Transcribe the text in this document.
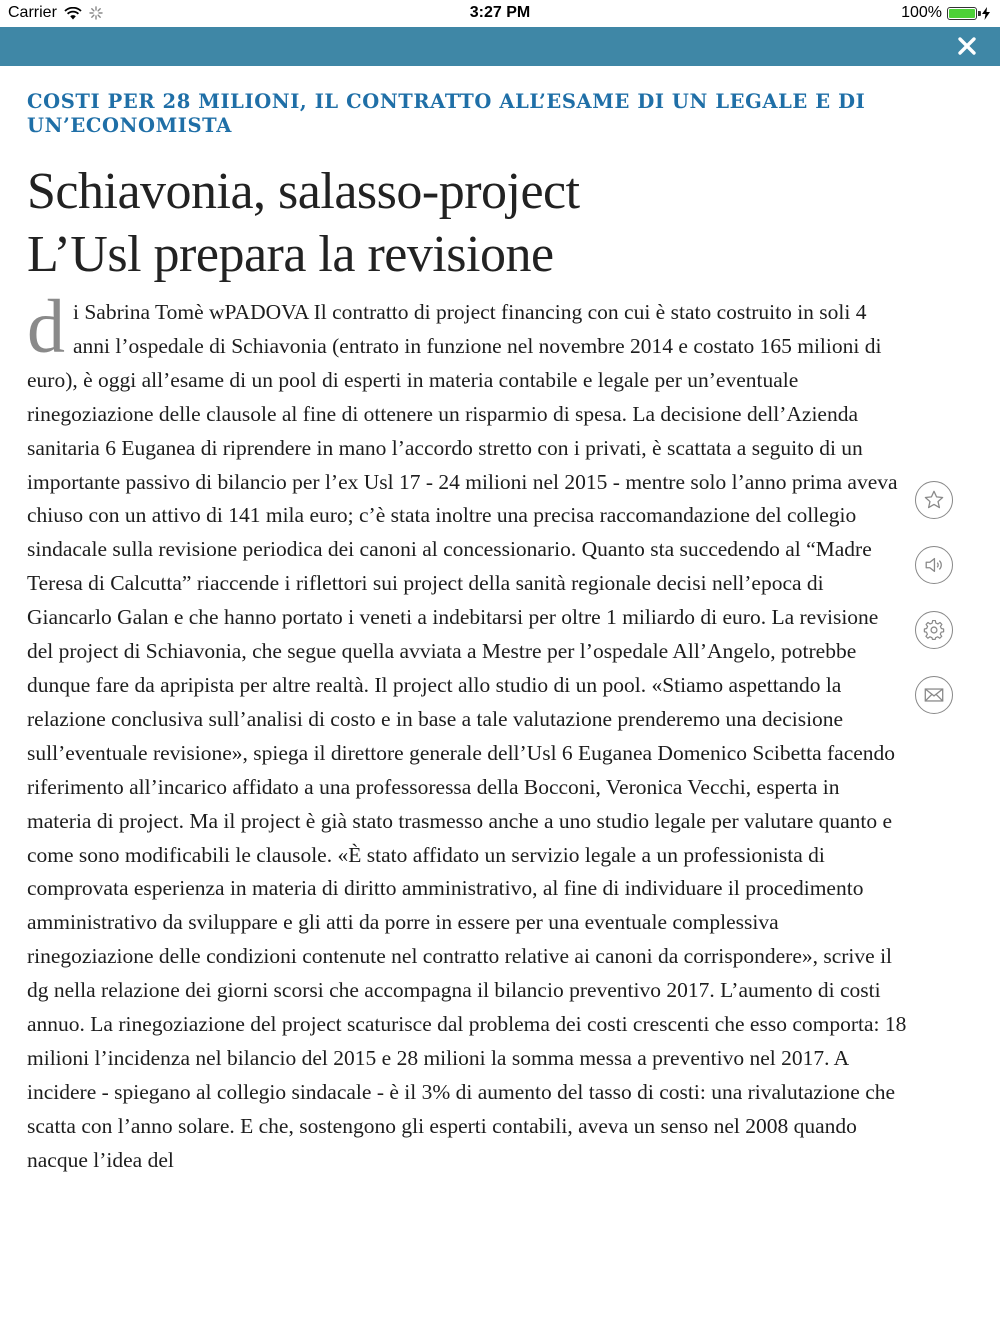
Carrier	3:27 PM	100%
COSTI PER 28 MILIONI, IL CONTRATTO ALL’ESAME DI UN LEGALE E DI UN’ECONOMISTA
Schiavonia, salasso-project
L’Usl prepara la revisione
di Sabrina Tomè wPADOVA Il contratto di project financing con cui è stato costruito in soli 4 anni l’ospedale di Schiavonia (entrato in funzione nel novembre 2014 e costato 165 milioni di euro), è oggi all’esame di un pool di esperti in materia contabile e legale per un’eventuale rinegoziazione delle clausole al fine di ottenere un risparmio di spesa. La decisione dell’Azienda sanitaria 6 Euganea di riprendere in mano l’accordo stretto con i privati, è scattata a seguito di un importante passivo di bilancio per l’ex Usl 17 - 24 milioni nel 2015 - mentre solo l’anno prima aveva chiuso con un attivo di 141 mila euro; c’è stata inoltre una precisa raccomandazione del collegio sindacale sulla revisione periodica dei canoni al concessionario. Quanto sta succedendo al “Madre Teresa di Calcutta” riaccende i riflettori sui project della sanità regionale decisi nell’epoca di Giancarlo Galan e che hanno portato i veneti a indebitarsi per oltre 1 miliardo di euro. La revisione del project di Schiavonia, che segue quella avviata a Mestre per l’ospedale All’Angelo, potrebbe dunque fare da apripista per altre realtà. Il project allo studio di un pool. «Stiamo aspettando la relazione conclusiva sull’analisi di costo e in base a tale valutazione prenderemo una decisione sull’eventuale revisione», spiega il direttore generale dell’Usl 6 Euganea Domenico Scibetta facendo riferimento all’incarico affidato a una professoressa della Bocconi, Veronica Vecchi, esperta in materia di project. Ma il project è già stato trasmesso anche a uno studio legale per valutare quanto e come sono modificabili le clausole. «È stato affidato un servizio legale a un professionista di comprovata esperienza in materia di diritto amministrativo, al fine di individuare il procedimento amministrativo da sviluppare e gli atti da porre in essere per una eventuale complessiva rinegoziazione delle condizioni contenute nel contratto relative ai canoni da corrispondere», scrive il dg nella relazione dei giorni scorsi che accompagna il bilancio preventivo 2017. L’aumento di costi annuo. La rinegoziazione del project scaturisce dal problema dei costi crescenti che esso comporta: 18 milioni l’incidenza nel bilancio del 2015 e 28 milioni la somma messa a preventivo nel 2017. A incidere - spiegano al collegio sindacale - è il 3% di aumento del tasso di costi: una rivalutazione che scatta con l’anno solare. E che, sostengono gli esperti contabili, aveva un senso nel 2008 quando nacque l’idea del
